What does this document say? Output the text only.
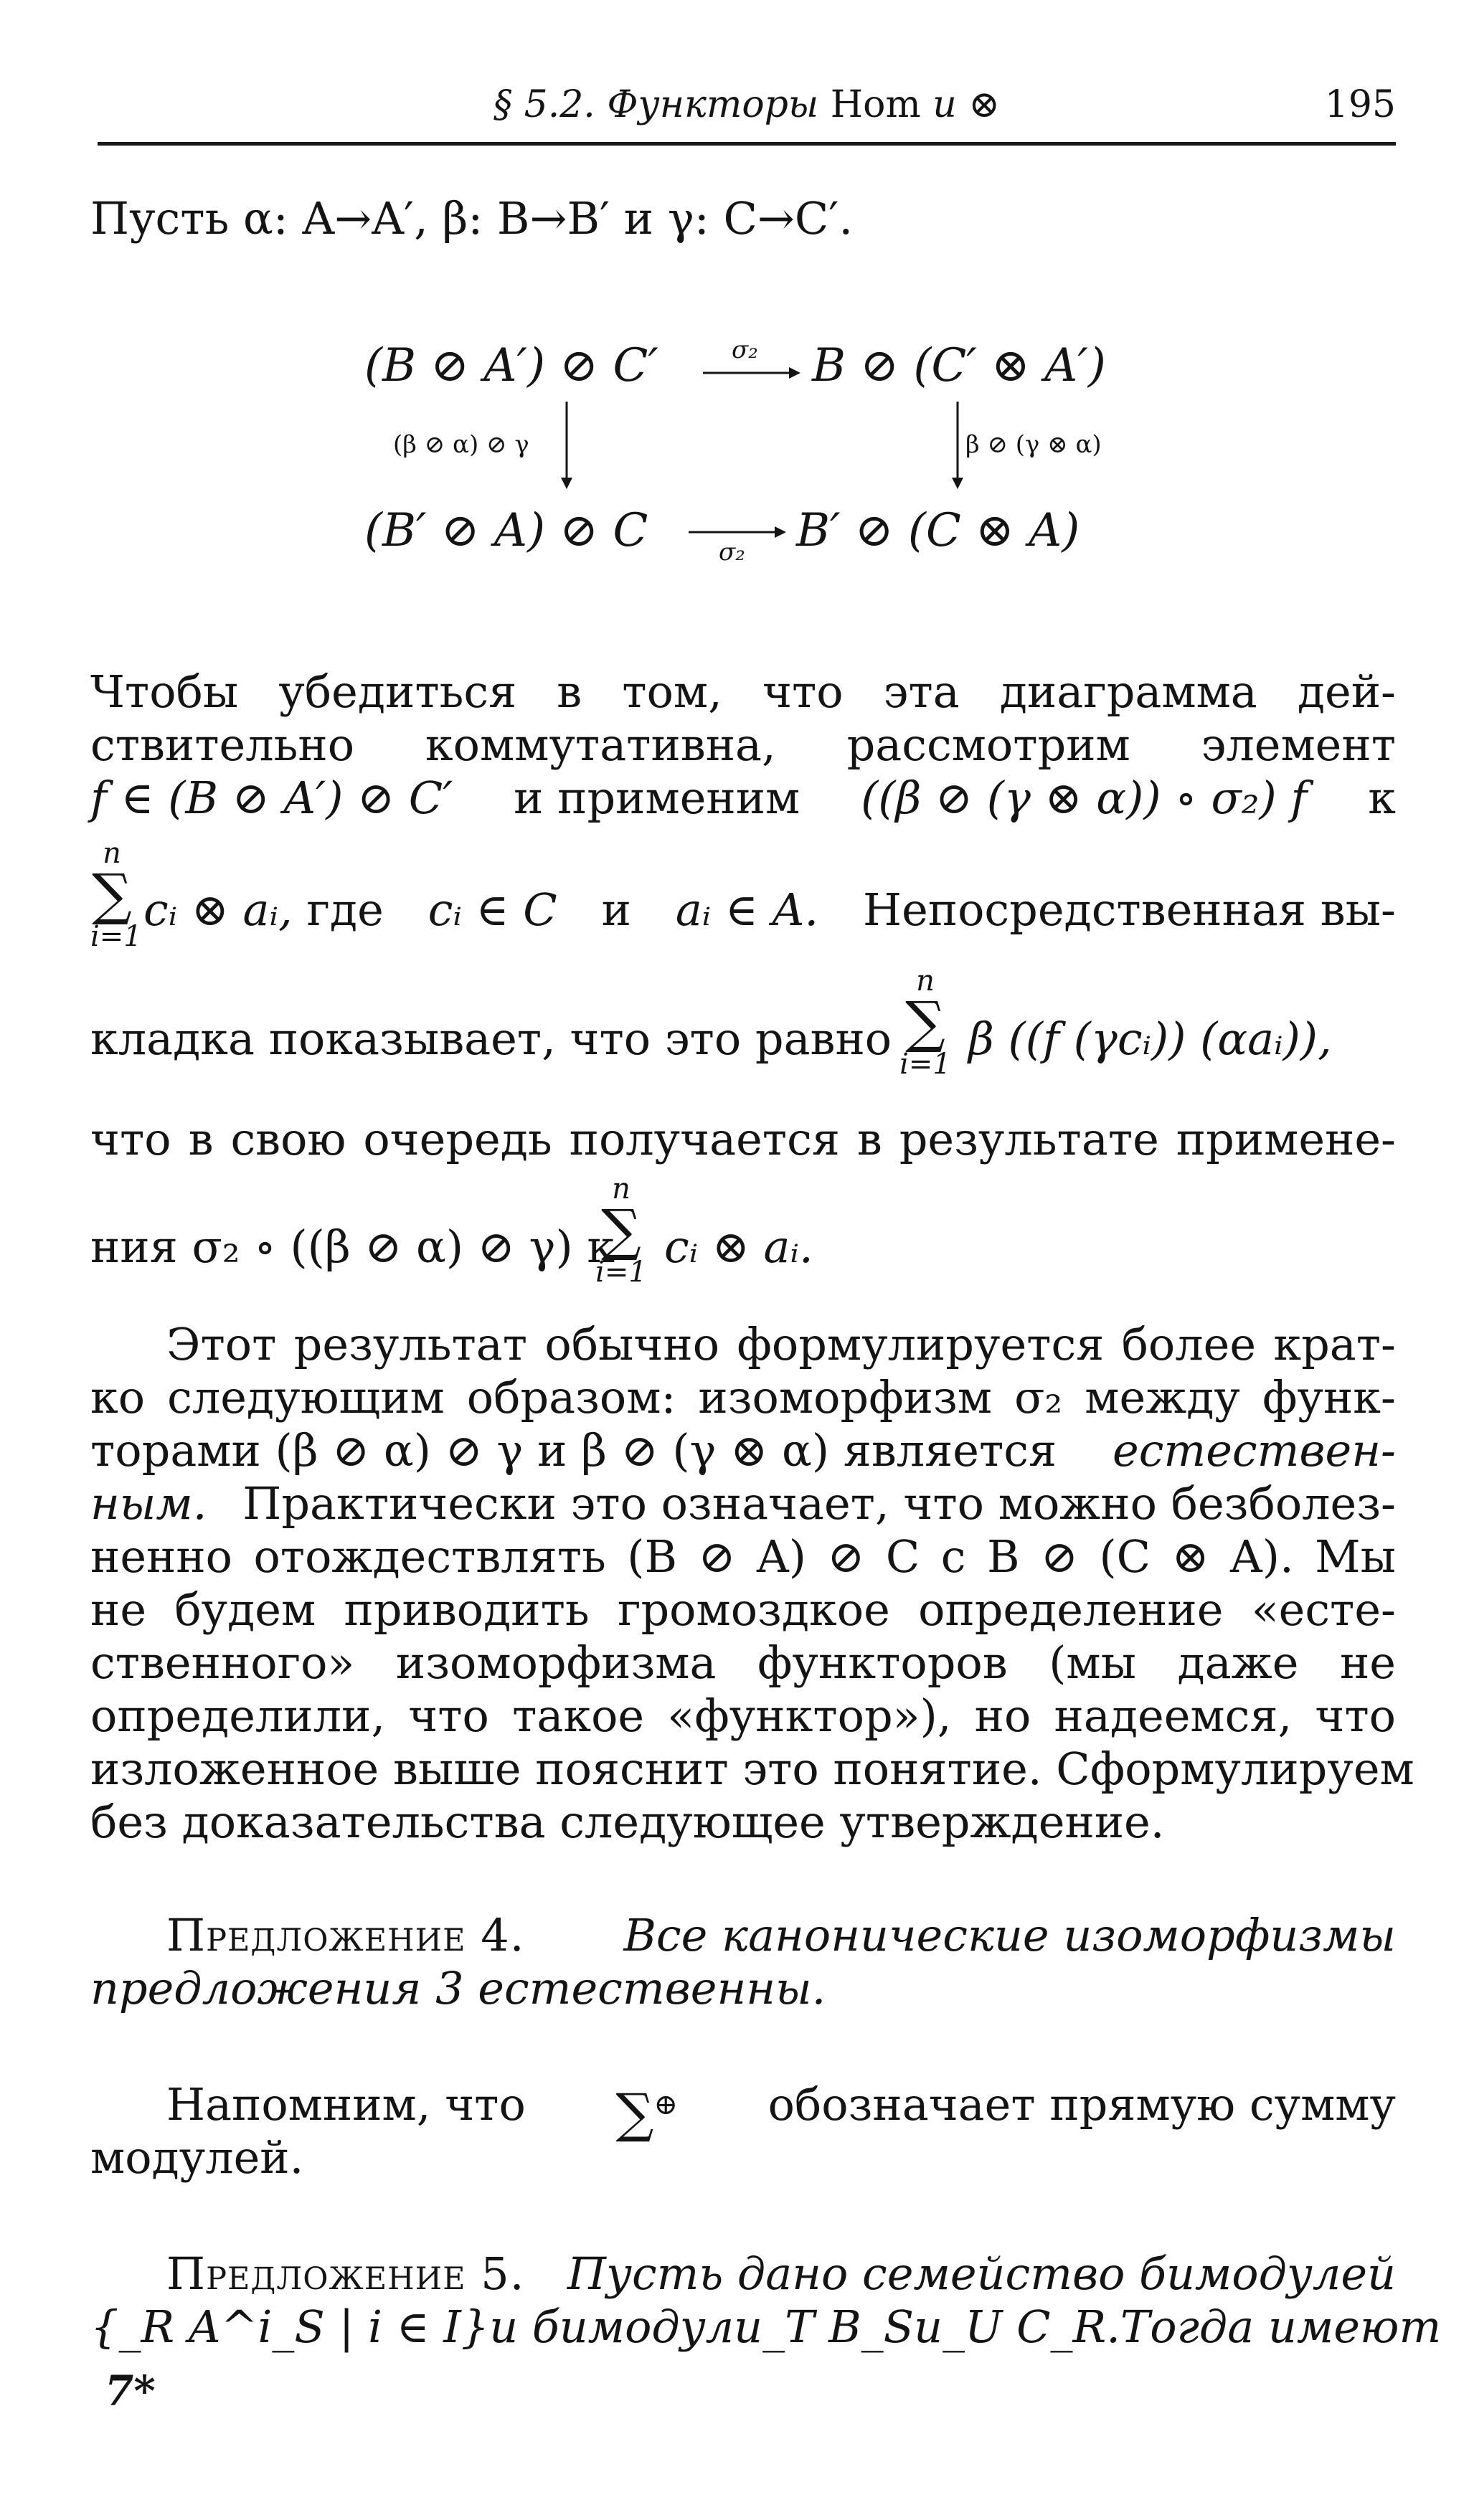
§ 5.2. Функторы Hom и ⊗	195
Пусть α: A→A′, β: B→B′ и γ: C→C′.
(B ⊘ A′) ⊘ C′	B ⊘ (C′ ⊗ A′)
(B′ ⊘ A) ⊘ C	B′ ⊘ (C ⊗ A)
σ₂
σ₂
(β ⊘ α) ⊘ γ	β ⊘ (γ ⊗ α)
Чтобы убедиться в том, что эта диаграмма дей-
ствительно коммутативна, рассмотрим элемент
f ∈ (B ⊘ A′) ⊘ C′ и применим ((β ⊘ (γ ⊗ α)) ∘ σ₂) f к
n
∑
i=1
cᵢ ⊗ aᵢ, где cᵢ ∈ C и aᵢ ∈ A. Непосредственная вы-
кладка показывает, что это равно
n
∑
i=1 β ((f (γcᵢ)) (αaᵢ)),
что в свою очередь получается в результате примене-
ния σ₂ ∘ ((β ⊘ α) ⊘ γ) к
n
∑
i=1 cᵢ ⊗ aᵢ.
Этот результат обычно формулируется более крат-
ко следующим образом: изоморфизм σ₂ между функ-
торами (β ⊘ α) ⊘ γ и β ⊘ (γ ⊗ α) является естествен-
ным. Практически это означает, что можно безболез-
ненно отождествлять (B ⊘ A) ⊘ C с B ⊘ (C ⊗ A). Мы
не будем приводить громоздкое определение «есте-
ственного» изоморфизма функторов (мы даже не
определили, что такое «функтор»), но надеемся, что
изложенное выше пояснит это понятие. Сформулируем
без доказательства следующее утверждение.
Предложение 4. Все канонические изоморфизмы
предложения 3 естественны.
Напомним, что ∑⊕ обозначает прямую сумму
модулей.
Предложение 5. Пусть дано семейство бимодулей
{_R A^i_S | i ∈ I} и бимодули _T B_S и _U C_R. Тогда имеют
7*
